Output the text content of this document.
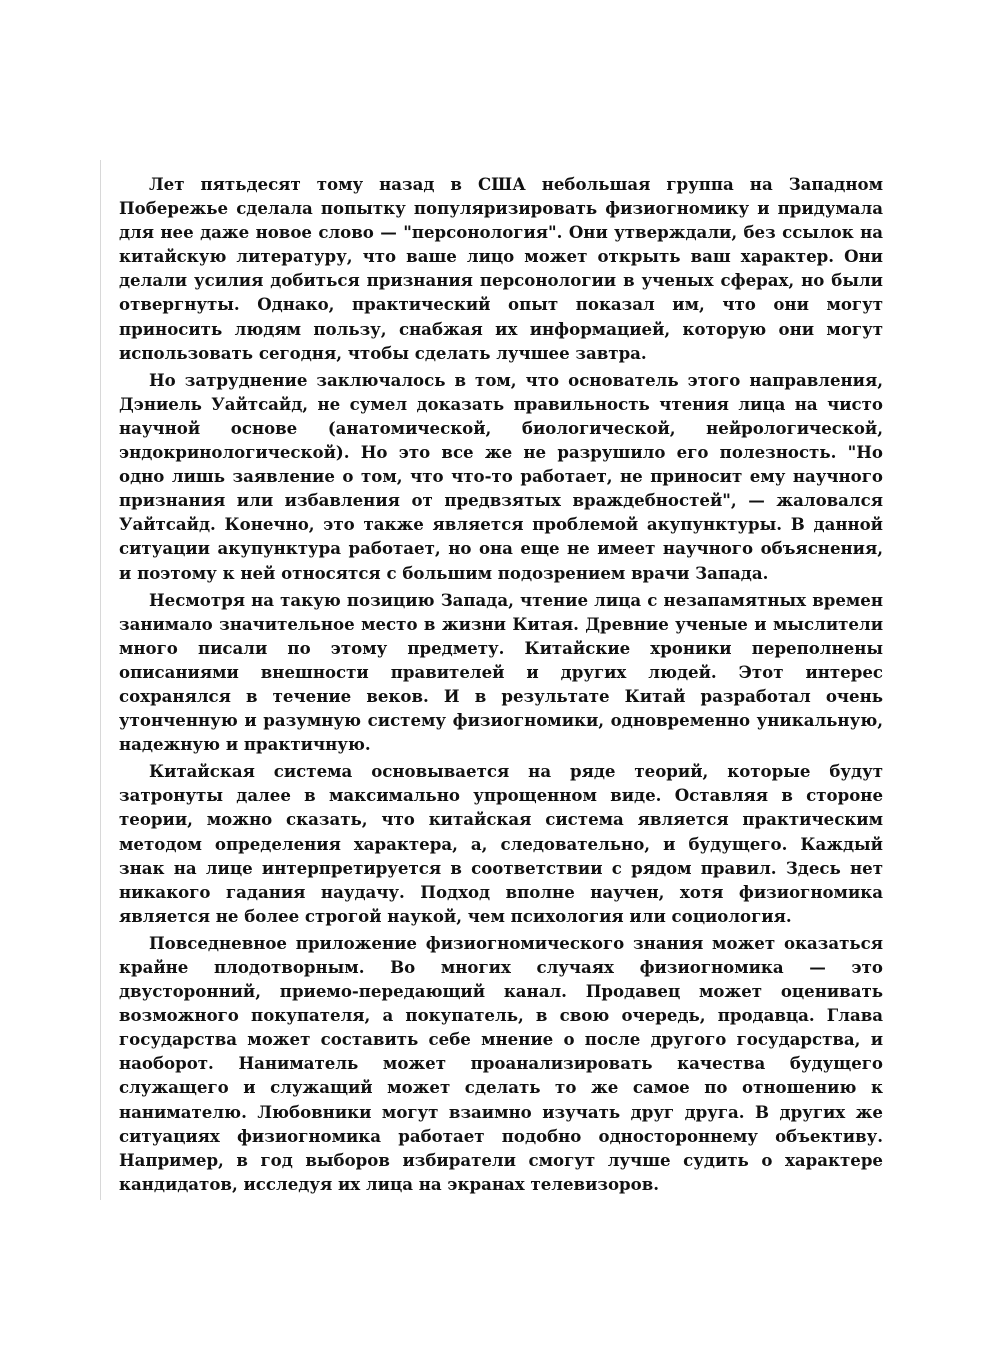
Лет пятьдесят тому назад в США небольшая группа на Западном Побережье сделала попытку популяризировать физиогномику и придумала для нее даже новое слово — "персонология". Они утверждали, без ссылок на китайскую литературу, что ваше лицо может открыть ваш характер. Они делали усилия добиться признания персонологии в ученых сферах, но были отвергнуты. Однако, практический опыт показал им, что они могут приносить людям пользу, снабжая их информацией, которую они могут использовать сегодня, чтобы сделать лучшее завтра.

Но затруднение заключалось в том, что основатель этого направления, Дэниель Уайтсайд, не сумел доказать правильность чтения лица на чисто научной основе (анатомической, биологической, нейрологической, эндокринологической). Но это все же не разрушило его полезность. "Но одно лишь заявление о том, что что-то работает, не приносит ему научного признания или избавления от предвзятых враждебностей", — жаловался Уайтсайд. Конечно, это также является проблемой акупунктуры. В данной ситуации акупунктура работает, но она еще не имеет научного объяснения, и поэтому к ней относятся с большим подозрением врачи Запада.

Несмотря на такую позицию Запада, чтение лица с незапамятных времен занимало значительное место в жизни Китая. Древние ученые и мыслители много писали по этому предмету. Китайские хроники переполнены описаниями внешности правителей и других людей. Этот интерес сохранялся в течение веков. И в результате Китай разработал очень утонченную и разумную систему физиогномики, одновременно уникальную, надежную и практичную.

Китайская система основывается на ряде теорий, которые будут затронуты далее в максимально упрощенном виде. Оставляя в стороне теории, можно сказать, что китайская система является практическим методом определения характера, а, следовательно, и будущего. Каждый знак на лице интерпретируется в соответствии с рядом правил. Здесь нет никакого гадания наудачу. Подход вполне научен, хотя физиогномика является не более строгой наукой, чем психология или социология.

Повседневное приложение физиогномического знания может оказаться крайне плодотворным. Во многих случаях физиогномика — это двусторонний, приемо-передающий канал. Продавец может оценивать возможного покупателя, а покупатель, в свою очередь, продавца. Глава государства может составить себе мнение о после другого государства, и наоборот. Наниматель может проанализировать качества будущего служащего и служащий может сделать то же самое по отношению к нанимателю. Любовники могут взаимно изучать друг друга. В других же ситуациях физиогномика работает подобно одностороннему объективу. Например, в год выборов избиратели смогут лучше судить о характере кандидатов, исследуя их лица на экранах телевизоров.
